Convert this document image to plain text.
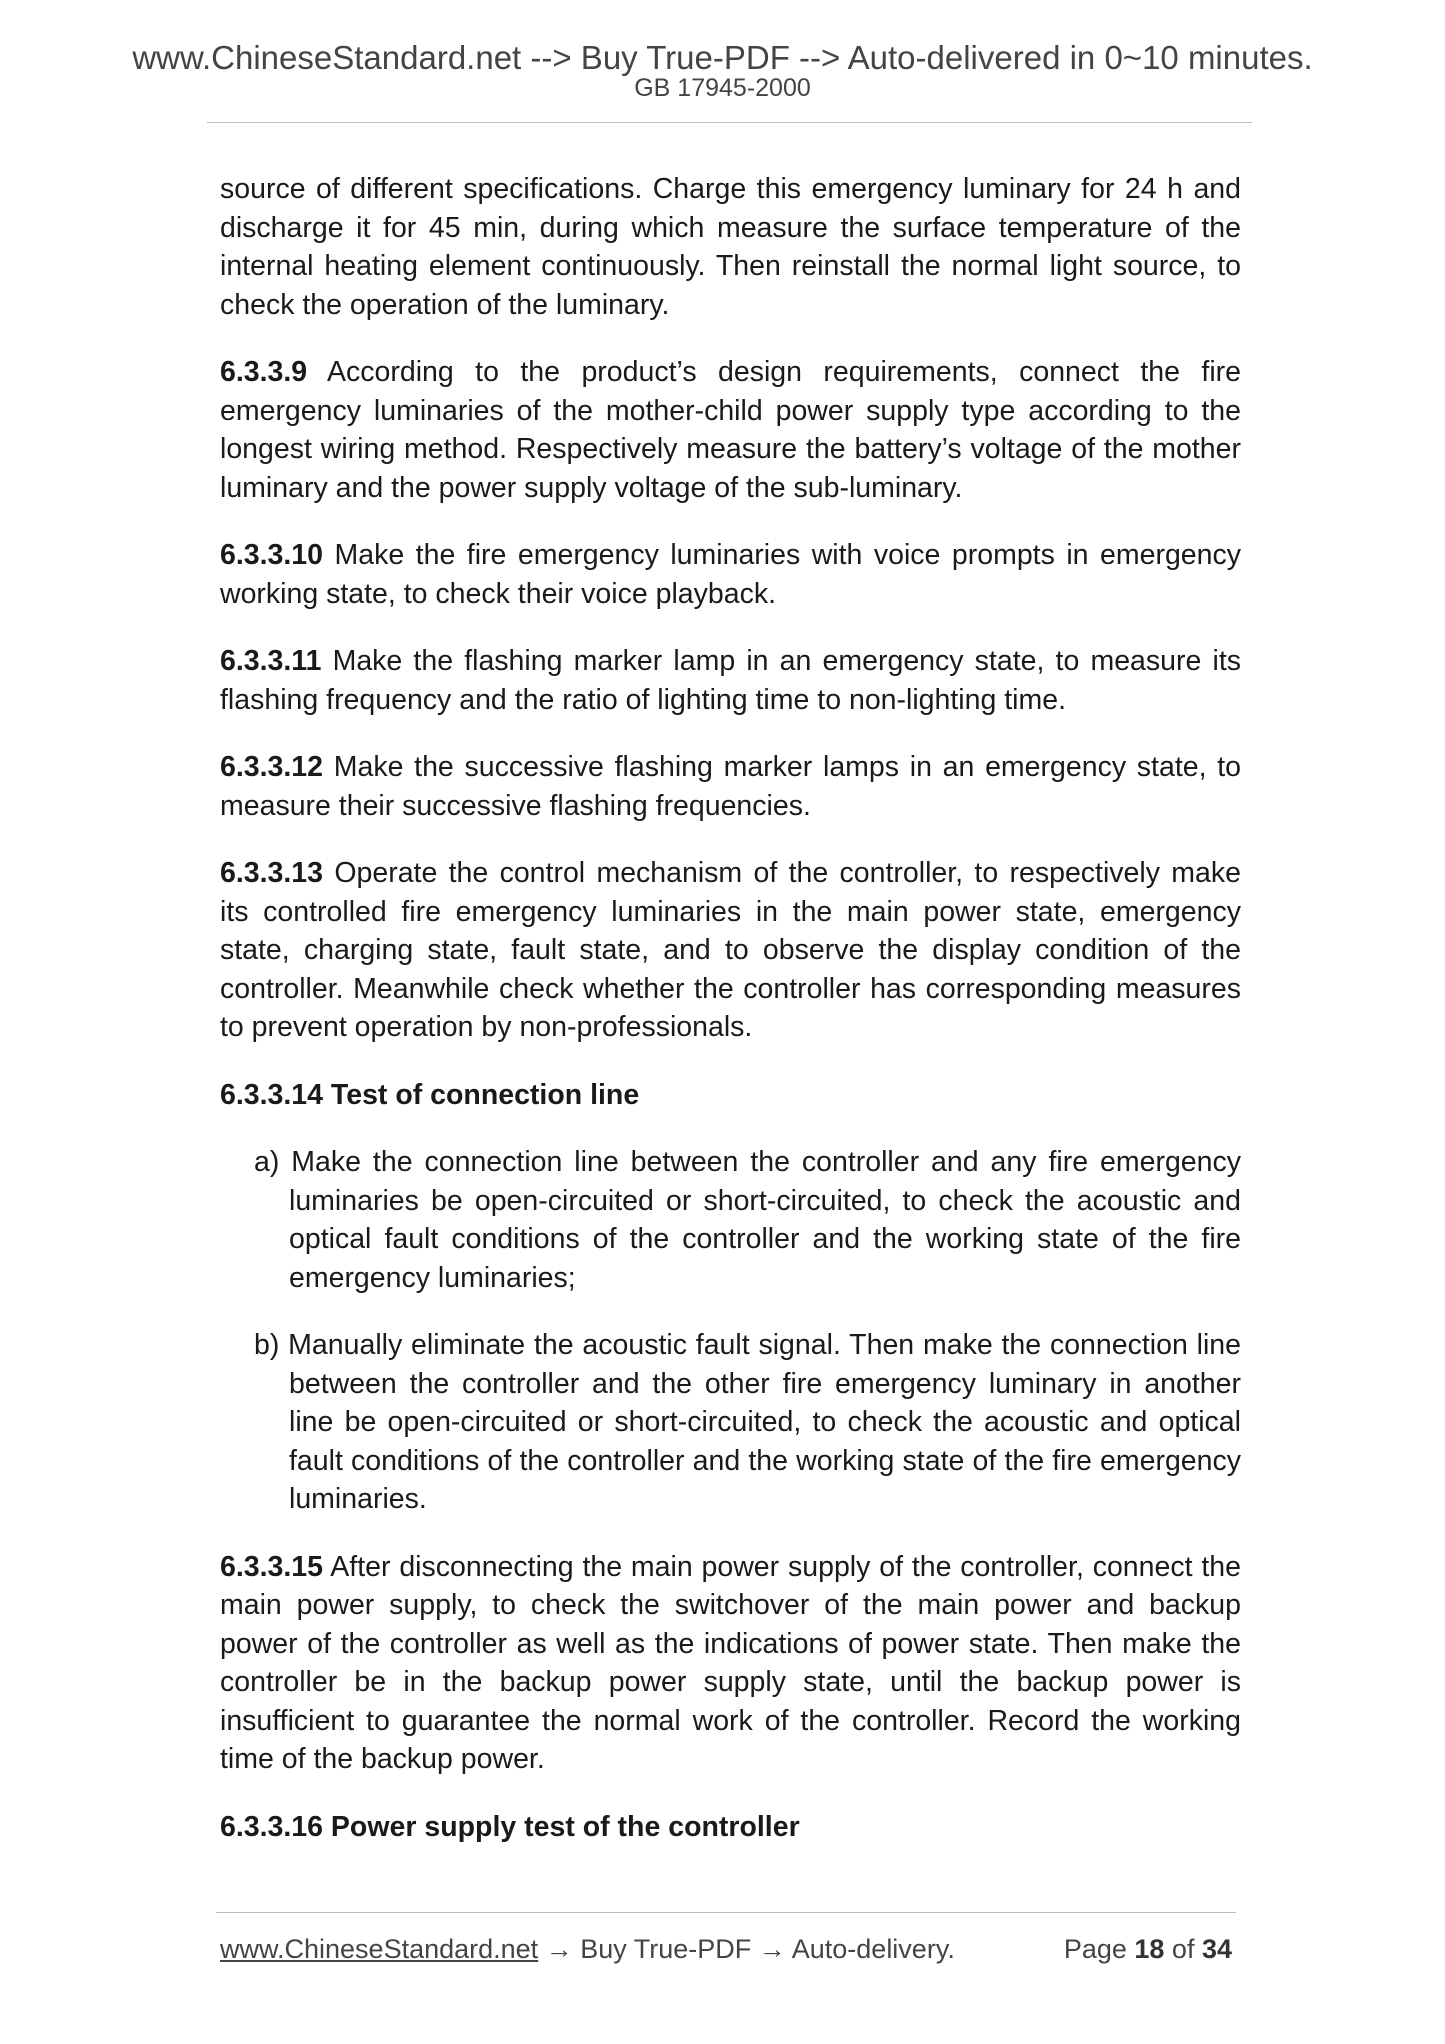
www.ChineseStandard.net --> Buy True-PDF --> Auto-delivered in 0~10 minutes.
GB 17945-2000

source of different specifications. Charge this emergency luminary for 24 h and discharge it for 45 min, during which measure the surface temperature of the internal heating element continuously. Then reinstall the normal light source, to check the operation of the luminary.

6.3.3.9 According to the product’s design requirements, connect the fire emergency luminaries of the mother-child power supply type according to the longest wiring method. Respectively measure the battery’s voltage of the mother luminary and the power supply voltage of the sub-luminary.

6.3.3.10 Make the fire emergency luminaries with voice prompts in emergency working state, to check their voice playback.

6.3.3.11 Make the flashing marker lamp in an emergency state, to measure its flashing frequency and the ratio of lighting time to non-lighting time.

6.3.3.12 Make the successive flashing marker lamps in an emergency state, to measure their successive flashing frequencies.

6.3.3.13 Operate the control mechanism of the controller, to respectively make its controlled fire emergency luminaries in the main power state, emergency state, charging state, fault state, and to observe the display condition of the controller. Meanwhile check whether the controller has corresponding measures to prevent operation by non-professionals.

6.3.3.14 Test of connection line

a) Make the connection line between the controller and any fire emergency luminaries be open-circuited or short-circuited, to check the acoustic and optical fault conditions of the controller and the working state of the fire emergency luminaries;
b) Manually eliminate the acoustic fault signal. Then make the connection line between the controller and the other fire emergency luminary in another line be open-circuited or short-circuited, to check the acoustic and optical fault conditions of the controller and the working state of the fire emergency luminaries.

6.3.3.15 After disconnecting the main power supply of the controller, connect the main power supply, to check the switchover of the main power and backup power of the controller as well as the indications of power state. Then make the controller be in the backup power supply state, until the backup power is insufficient to guarantee the normal work of the controller. Record the working time of the backup power.

6.3.3.16 Power supply test of the controller

www.ChineseStandard.net → Buy True-PDF → Auto-delivery.	Page 18 of 34
